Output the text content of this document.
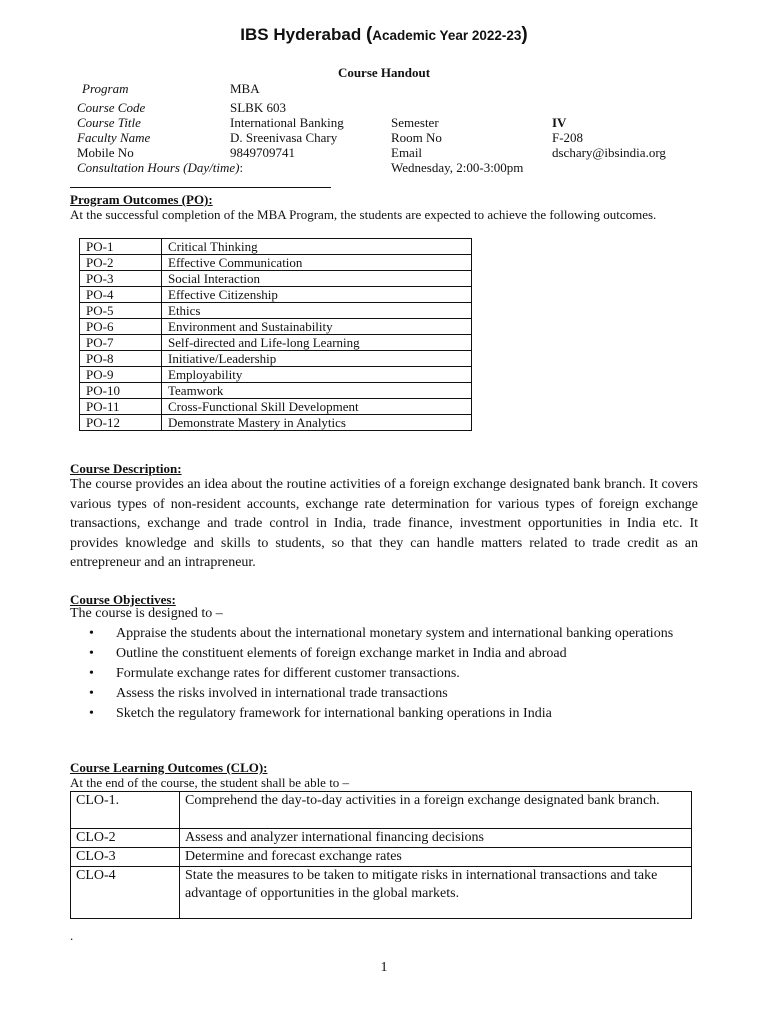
IBS Hyderabad (Academic Year 2022-23)
Course Handout
Program	MBA
Course Code	SLBK 603
Course Title	International Banking	Semester	IV
Faculty Name	D. Sreenivasa Chary	Room No	F-208
Mobile No	9849709741	Email	dschary@ibsindia.org
Consultation Hours (Day/time):	Wednesday, 2:00-3:00pm
Program Outcomes (PO):
At the successful completion of the MBA Program, the students are expected to achieve the following outcomes.
PO-1	Critical Thinking
PO-2	Effective Communication
PO-3	Social Interaction
PO-4	Effective Citizenship
PO-5	Ethics
PO-6	Environment and Sustainability
PO-7	Self-directed and Life-long Learning
PO-8	Initiative/Leadership
PO-9	Employability
PO-10	Teamwork
PO-11	Cross-Functional Skill Development
PO-12	Demonstrate Mastery in Analytics
Course Description:
The course provides an idea about the routine activities of a foreign exchange designated bank branch. It covers various types of non-resident accounts, exchange rate determination for various types of foreign exchange transactions, exchange and trade control in India, trade finance, investment opportunities in India etc. It provides knowledge and skills to students, so that they can handle matters related to trade credit as an entrepreneur and an intrapreneur.
Course Objectives:
The course is designed to –
• Appraise the students about the international monetary system and international banking operations
• Outline the constituent elements of foreign exchange market in India and abroad
• Formulate exchange rates for different customer transactions.
• Assess the risks involved in international trade transactions
• Sketch the regulatory framework for international banking operations in India
Course Learning Outcomes (CLO):
At the end of the course, the student shall be able to –
CLO-1.	Comprehend the day-to-day activities in a foreign exchange designated bank branch.
CLO-2	Assess and analyzer international financing decisions
CLO-3	Determine and forecast exchange rates
CLO-4	State the measures to be taken to mitigate risks in international transactions and take advantage of opportunities in the global markets.
.
1
